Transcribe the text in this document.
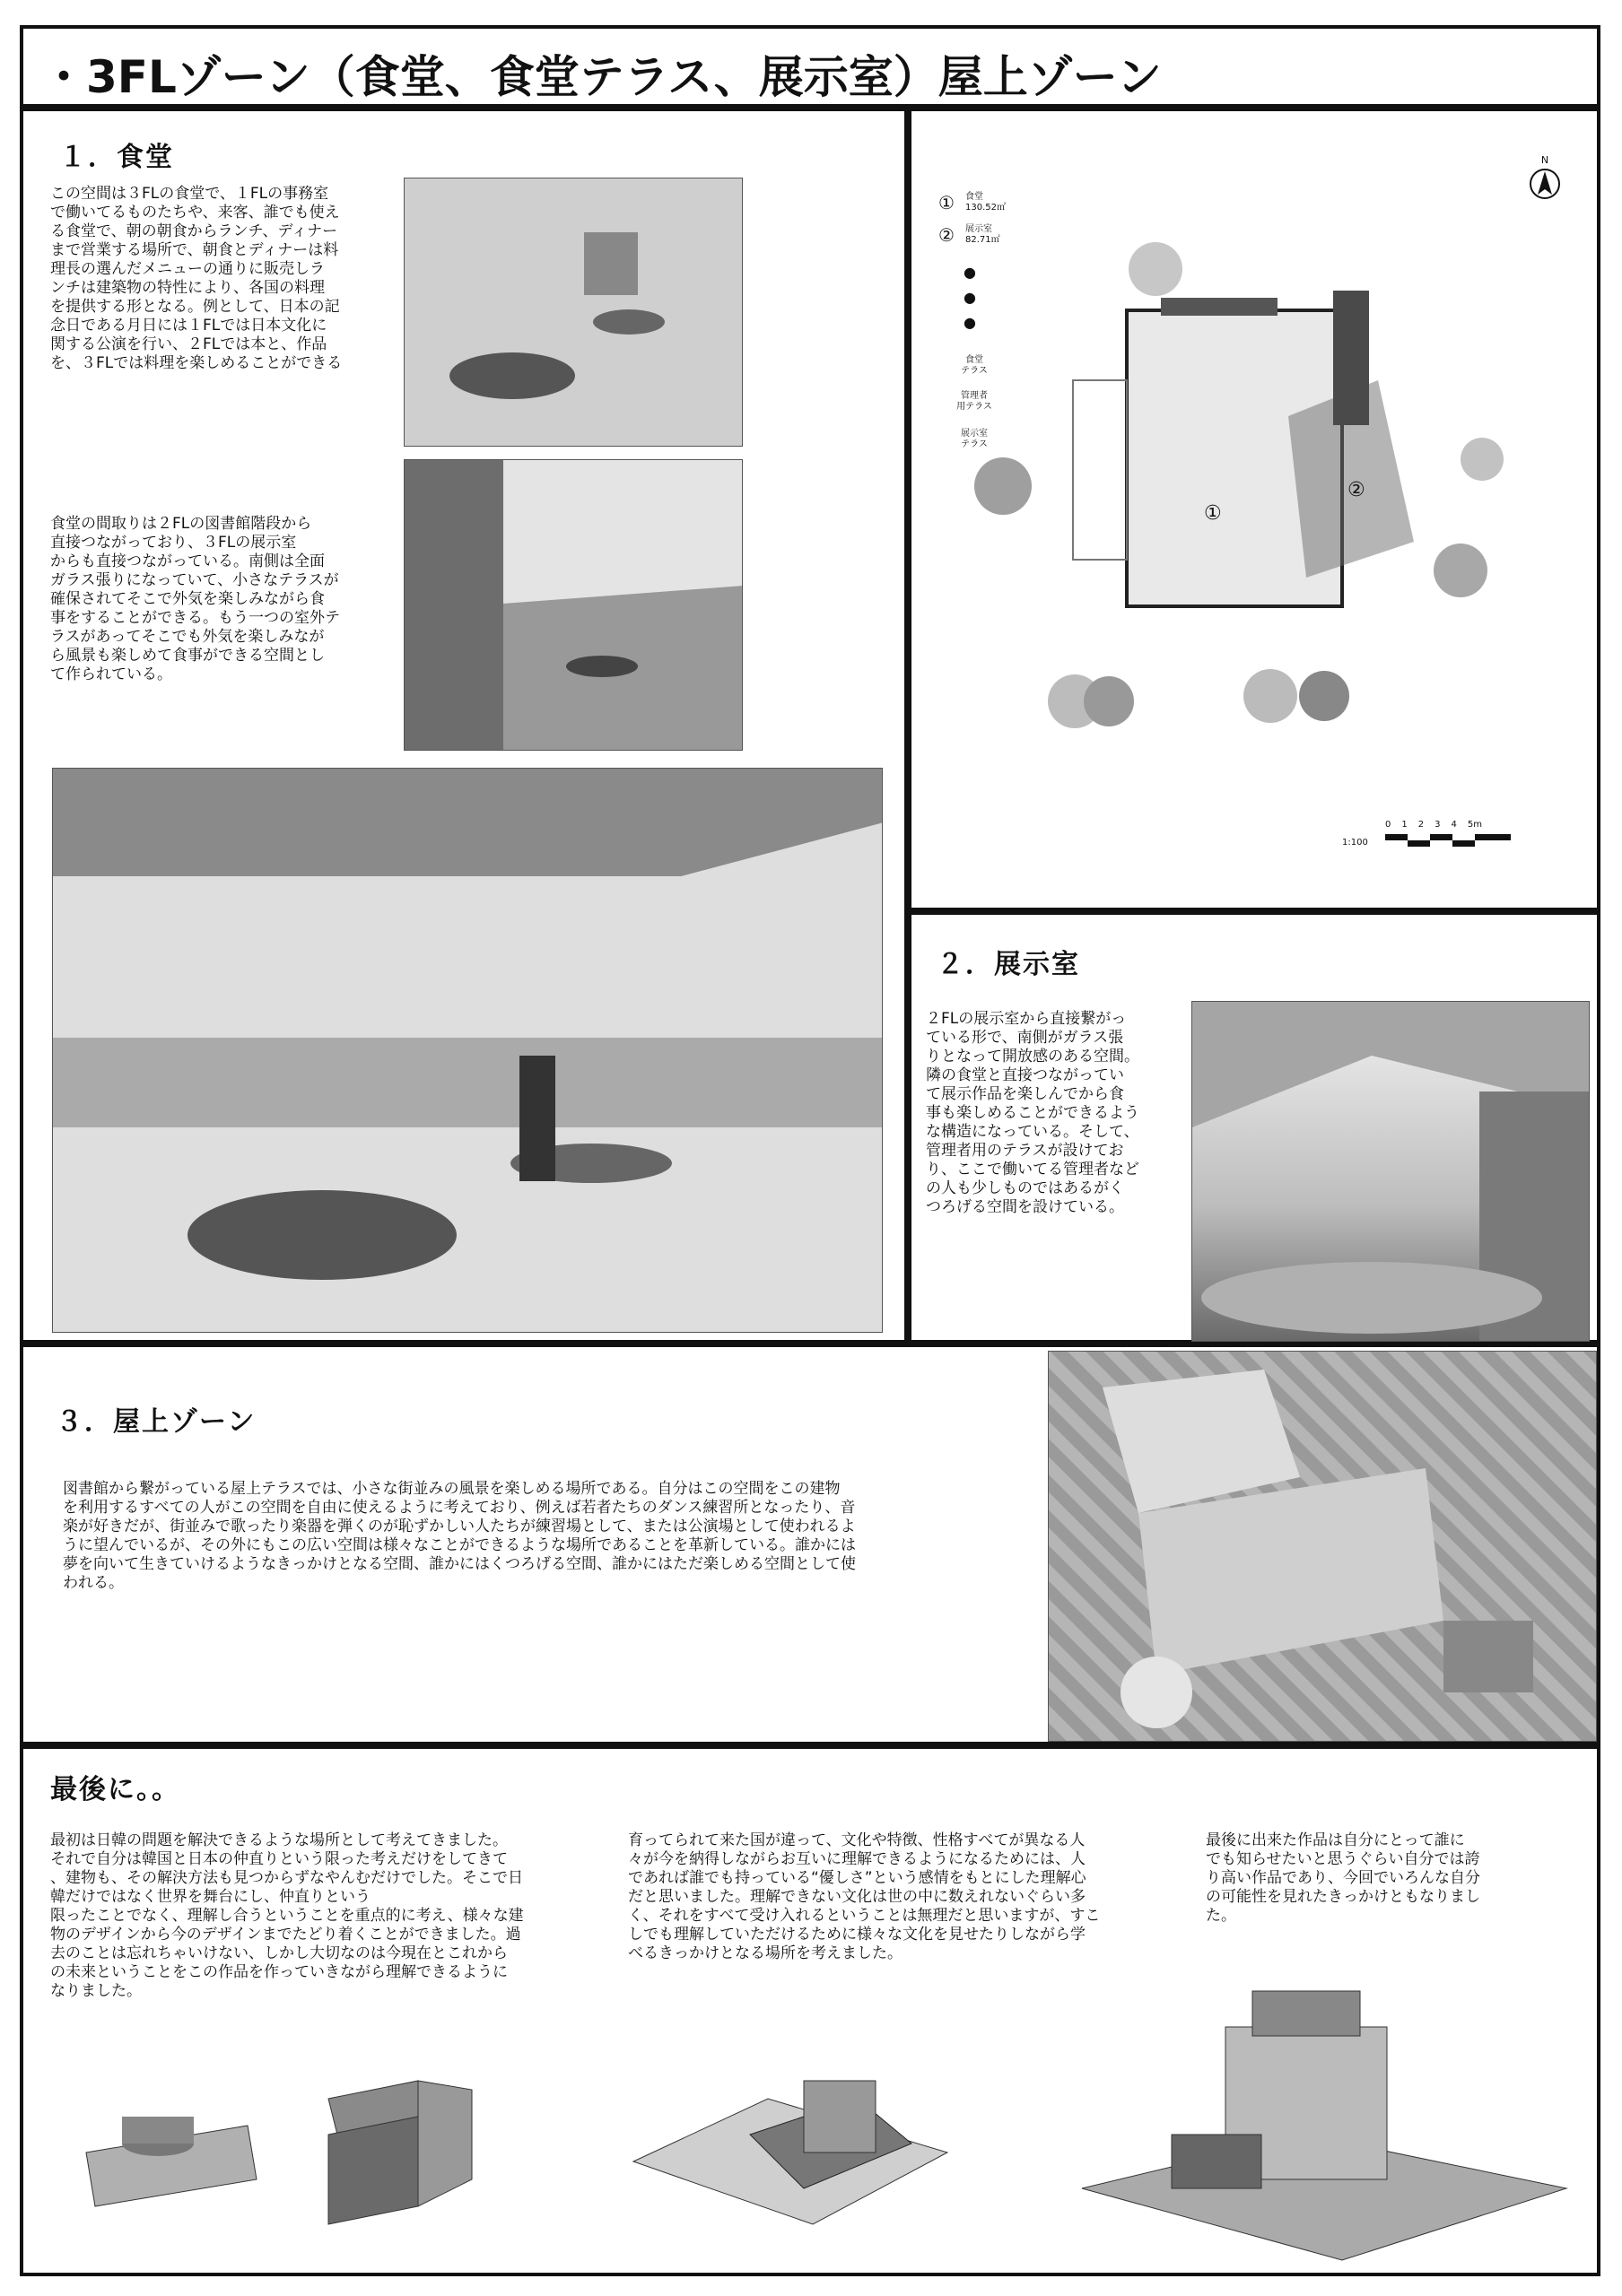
・3FLゾーン（食堂、食堂テラス、展示室）屋上ゾーン
１．食堂
この空間は３FLの食堂で、１FLの事務室
で働いてるものたちや、来客、誰でも使え
る食堂で、朝の朝食からランチ、ディナー
まで営業する場所で、朝食とディナーは料
理長の選んだメニューの通りに販売しラ
ンチは建築物の特性により、各国の料理
を提供する形となる。例として、日本の記
念日である月日には１FLでは日本文化に
関する公演を行い、２FLでは本と、作品
を、３FLでは料理を楽しめることができる
食堂の間取りは２FLの図書館階段から
直接つながっており、３FLの展示室
からも直接つながっている。南側は全面
ガラス張りになっていて、小さなテラスが
確保されてそこで外気を楽しみながら食
事をすることができる。もう一つの室外テ
ラスがあってそこでも外気を楽しみなが
ら風景も楽しめて食事ができる空間とし
て作られている。
N
①	食堂
130.52㎡
②	展示室
82.71㎡
●
●
●
食堂
テラス
管理者
用テラス
展示室
テラス
①
②
1:100
0 1 2 3 4 5m
２．展示室
２FLの展示室から直接繋がっ
ている形で、南側がガラス張
りとなって開放感のある空間。
隣の食堂と直接つながってい
て展示作品を楽しんでから食
事も楽しめることができるよう
な構造になっている。そして、
管理者用のテラスが設けてお
り、ここで働いてる管理者など
の人も少しものではあるがく
つろげる空間を設けている。
３．屋上ゾーン
図書館から繋がっている屋上テラスでは、小さな街並みの風景を楽しめる場所である。自分はこの空間をこの建物
を利用するすべての人がこの空間を自由に使えるように考えており、例えば若者たちのダンス練習所となったり、音
楽が好きだが、街並みで歌ったり楽器を弾くのが恥ずかしい人たちが練習場として、または公演場として使われるよ
うに望んでいるが、その外にもこの広い空間は様々なことができるような場所であることを革新している。誰かには
夢を向いて生きていけるようなきっかけとなる空間、誰かにはくつろげる空間、誰かにはただ楽しめる空間として使
われる。
最後に。。
最初は日韓の問題を解決できるような場所として考えてきました。
それで自分は韓国と日本の仲直りという限った考えだけをしてきて
、建物も、その解決方法も見つからずなやんむだけでした。そこで日
韓だけではなく世界を舞台にし、仲直りという
限ったことでなく、理解し合うということを重点的に考え、様々な建
物のデザインから今のデザインまでたどり着くことができました。過
去のことは忘れちゃいけない、しかし大切なのは今現在とこれから
の未来ということをこの作品を作っていきながら理解できるように
なりました。
育ってられて来た国が違って、文化や特徴、性格すべてが異なる人
々が今を納得しながらお互いに理解できるようになるためには、人
であれば誰でも持っている“優しさ”という感情をもとにした理解心
だと思いました。理解できない文化は世の中に数えれないぐらい多
く、それをすべて受け入れるということは無理だと思いますが、すこ
しでも理解していただけるために様々な文化を見せたりしながら学
べるきっかけとなる場所を考えました。
最後に出来た作品は自分にとって誰に
でも知らせたいと思うぐらい自分では誇
り高い作品であり、今回でいろんな自分
の可能性を見れたきっかけともなりまし
た。
